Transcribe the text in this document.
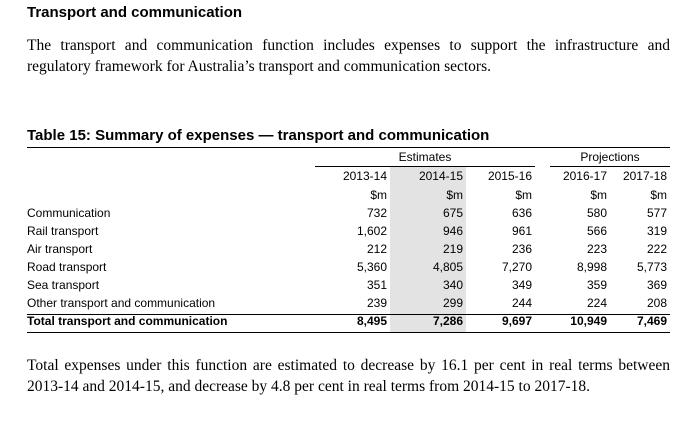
Transport and communication

The transport and communication function includes expenses to support the infrastructure and regulatory framework for Australia’s transport and communication sectors.

Table 15: Summary of expenses — transport and communication
	Estimates				Projections	
	2013-14	2014-15	2015-16		2016-17	2017-18
	$m	$m	$m		$m	$m
Communication	732	675	636		580	577
Rail transport	1,602	946	961		566	319
Air transport	212	219	236		223	222
Road transport	5,360	4,805	7,270		8,998	5,773
Sea transport	351	340	349		359	369
Other transport and communication	239	299	244		224	208
Total transport and communication	8,495	7,286	9,697		10,949	7,469

Total expenses under this function are estimated to decrease by 16.1 per cent in real terms between 2013-14 and 2014-15, and decrease by 4.8 per cent in real terms from 2014-15 to 2017-18.
